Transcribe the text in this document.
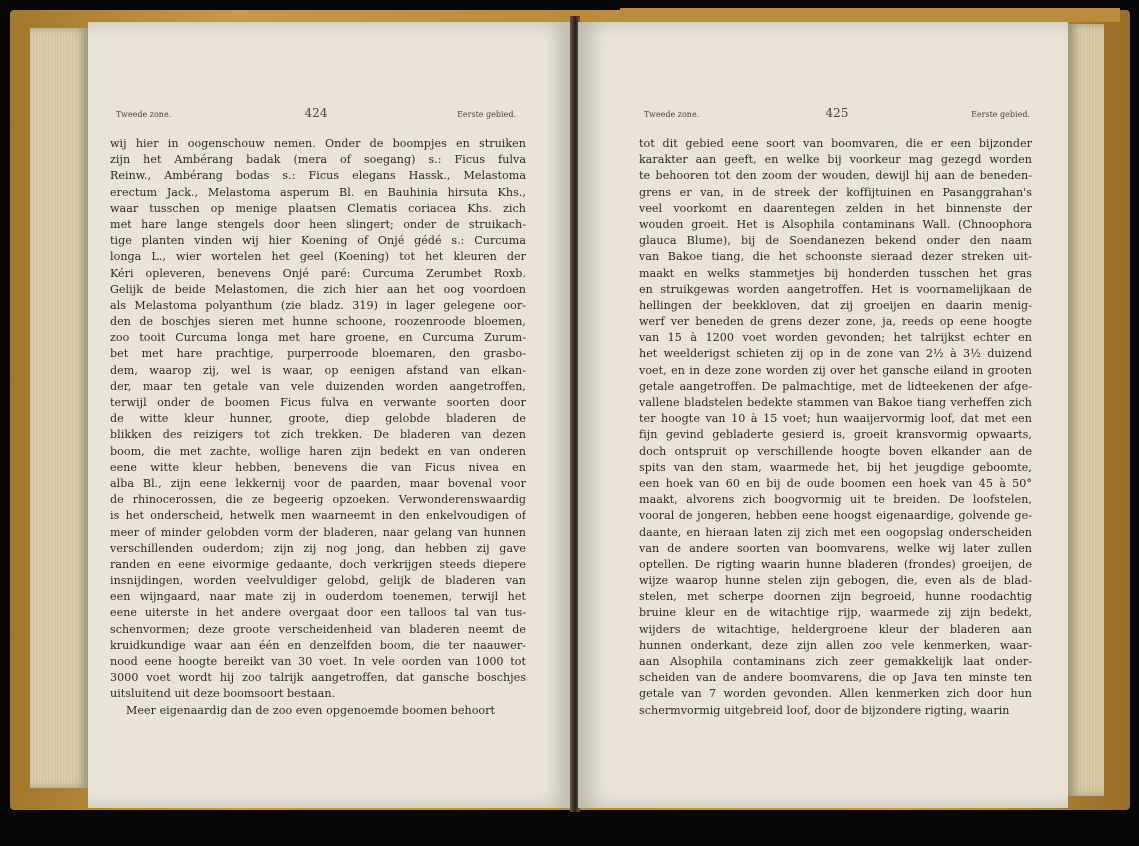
Tweede zone.	424	Eerste gebied.
wij hier in oogenschouw nemen. Onder de boompjes en struiken
zijn het Ambérang badak (mera of soegang) s.: Ficus fulva
Reinw., Ambérang bodas s.: Ficus elegans Hassk., Melastoma
erectum Jack., Melastoma asperum Bl. en Bauhinia hirsuta Khs.,
waar tusschen op menige plaatsen Clematis coriacea Khs. zich
met hare lange stengels door heen slingert; onder de struikach-
tige planten vinden wij hier Koening of Onjé gédé s.: Curcuma
longa L., wier wortelen het geel (Koening) tot het kleuren der
Kéri opleveren, benevens Onjé paré: Curcuma Zerumbet Roxb.
Gelijk de beide Melastomen, die zich hier aan het oog voordoen
als Melastoma polyanthum (zie bladz. 319) in lager gelegene oor-
den de boschjes sieren met hunne schoone, roozenroode bloemen,
zoo tooit Curcuma longa met hare groene, en Curcuma Zurum-
bet met hare prachtige, purperroode bloemaren, den grasbo-
dem, waarop zij, wel is waar, op eenigen afstand van elkan-
der, maar ten getale van vele duizenden worden aangetroffen,
terwijl onder de boomen Ficus fulva en verwante soorten door
de witte kleur hunner, groote, diep gelobde bladeren de
blikken des reizigers tot zich trekken. De bladeren van dezen
boom, die met zachte, wollige haren zijn bedekt en van onderen
eene witte kleur hebben, benevens die van Ficus nivea en
alba Bl., zijn eene lekkernij voor de paarden, maar bovenal voor
de rhinocerossen, die ze begeerig opzoeken. Verwonderenswaardig
is het onderscheid, hetwelk men waarneemt in den enkelvoudigen of
meer of minder gelobden vorm der bladeren, naar gelang van hunnen
verschillenden ouderdom; zijn zij nog jong, dan hebben zij gave
randen en eene eivormige gedaante, doch verkrijgen steeds diepere
insnijdingen, worden veelvuldiger gelobd, gelijk de bladeren van
een wijngaard, naar mate zij in ouderdom toenemen, terwijl het
eene uiterste in het andere overgaat door een talloos tal van tus-
schenvormen; deze groote verscheidenheid van bladeren neemt de
kruidkundige waar aan één en denzelfden boom, die ter naauwer-
nood eene hoogte bereikt van 30 voet. In vele oorden van 1000 tot
3000 voet wordt hij zoo talrijk aangetroffen, dat gansche boschjes
uitsluitend uit deze boomsoort bestaan.
Meer eigenaardig dan de zoo even opgenoemde boomen behoort
Tweede zone.	425	Eerste gebied.
tot dit gebied eene soort van boomvaren, die er een bijzonder
karakter aan geeft, en welke bij voorkeur mag gezegd worden
te behooren tot den zoom der wouden, dewijl hij aan de beneden-
grens er van, in de streek der koffijtuinen en Pasanggrahan's
veel voorkomt en daarentegen zelden in het binnenste der
wouden groeit. Het is Alsophila contaminans Wall. (Chnoophora
glauca Blume), bij de Soendanezen bekend onder den naam
van Bakoe tiang, die het schoonste sieraad dezer streken uit-
maakt en welks stammetjes bij honderden tusschen het gras
en struikgewas worden aangetroffen. Het is voornamelijkaan de
hellingen der beekkloven, dat zij groeijen en daarin menig-
werf ver beneden de grens dezer zone, ja, reeds op eene hoogte
van 15 à 1200 voet worden gevonden; het talrijkst echter en
het weelderigst schieten zij op in de zone van 2½ à 3½ duizend
voet, en in deze zone worden zij over het gansche eiland in grooten
getale aangetroffen. De palmachtige, met de lidteekenen der afge-
vallene bladstelen bedekte stammen van Bakoe tiang verheffen zich
ter hoogte van 10 à 15 voet; hun waaijervormig loof, dat met een
fijn gevind gebladerte gesierd is, groeit kransvormig opwaarts,
doch ontspruit op verschillende hoogte boven elkander aan de
spits van den stam, waarmede het, bij het jeugdige geboomte,
een hoek van 60 en bij de oude boomen een hoek van 45 à 50°
maakt, alvorens zich boogvormig uit te breiden. De loofstelen,
vooral de jongeren, hebben eene hoogst eigenaardige, golvende ge-
daante, en hieraan laten zij zich met een oogopslag onderscheiden
van de andere soorten van boomvarens, welke wij later zullen
optellen. De rigting waarin hunne bladeren (frondes) groeijen, de
wijze waarop hunne stelen zijn gebogen, die, even als de blad-
stelen, met scherpe doornen zijn begroeid, hunne roodachtig
bruine kleur en de witachtige rijp, waarmede zij zijn bedekt,
wijders de witachtige, heldergroene kleur der bladeren aan
hunnen onderkant, deze zijn allen zoo vele kenmerken, waar-
aan Alsophila contaminans zich zeer gemakkelijk laat onder-
scheiden van de andere boomvarens, die op Java ten minste ten
getale van 7 worden gevonden. Allen kenmerken zich door hun
schermvormig uitgebreid loof, door de bijzondere rigting, waarin
